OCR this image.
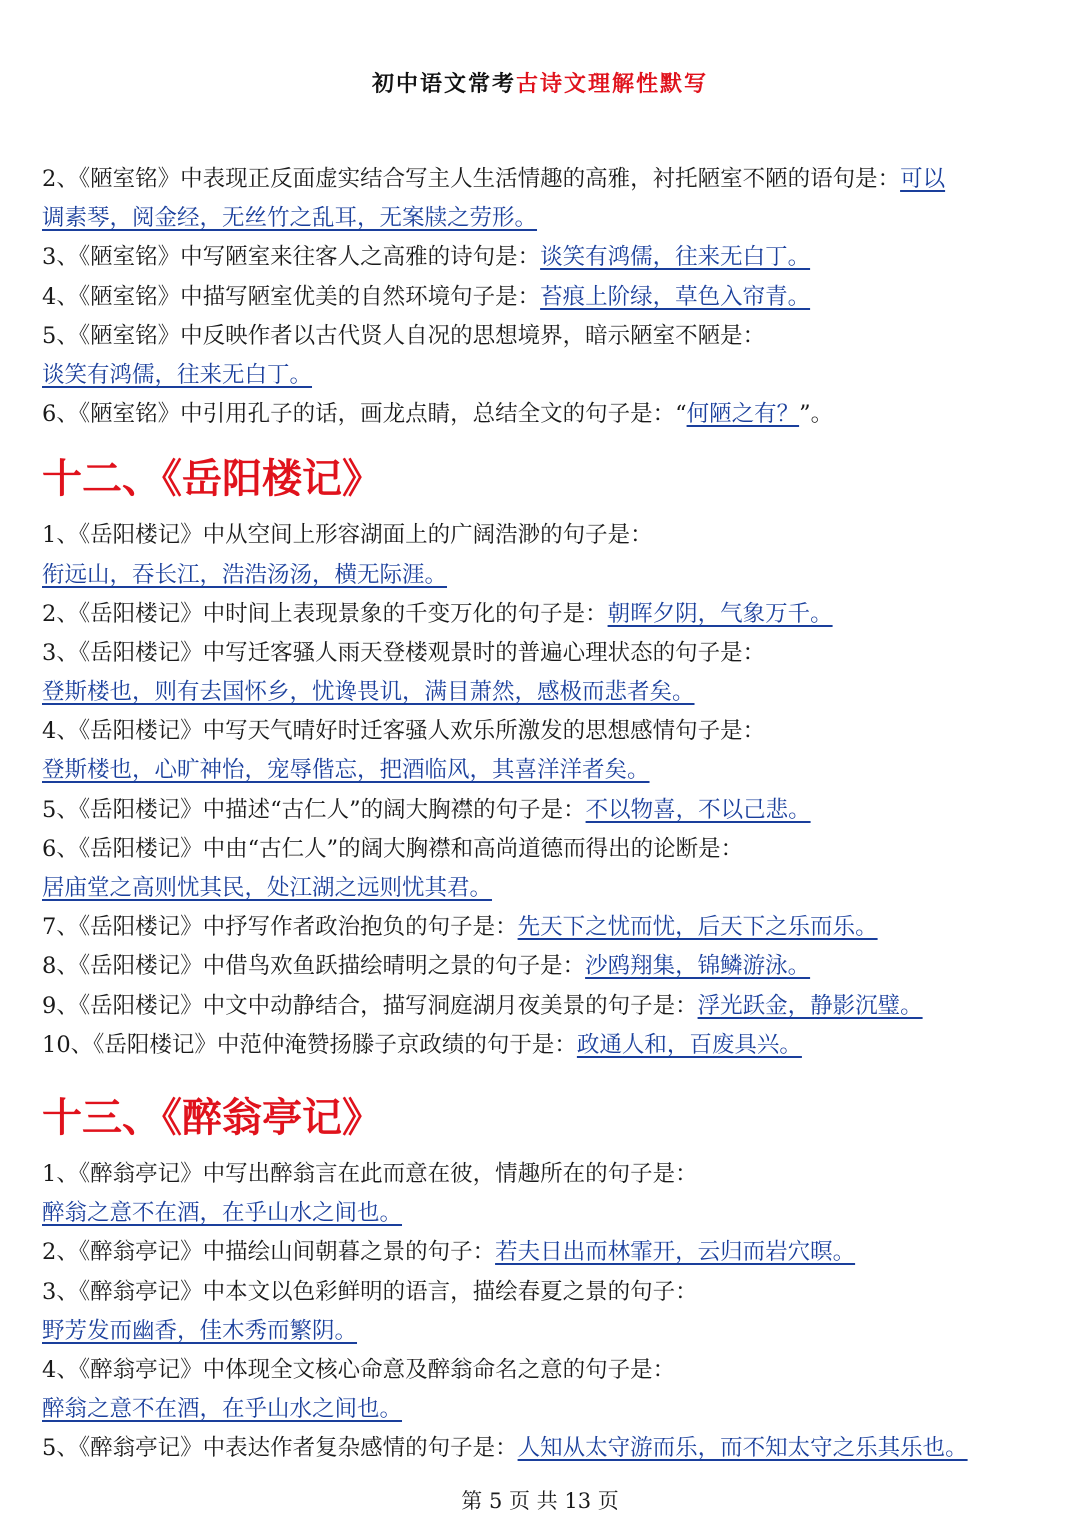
初中语文常考古诗文理解性默写
2、《陋室铭》中表现正反面虚实结合写主人生活情趣的高雅，衬托陋室不陋的语句是：可以
调素琴，阅金经，无丝竹之乱耳，无案牍之劳形。
3、《陋室铭》中写陋室来往客人之高雅的诗句是：谈笑有鸿儒，往来无白丁。
4、《陋室铭》中描写陋室优美的自然环境句子是：苔痕上阶绿，草色入帘青。
5、《陋室铭》中反映作者以古代贤人自况的思想境界，暗示陋室不陋是：
谈笑有鸿儒，往来无白丁。
6、《陋室铭》中引用孔子的话，画龙点睛，总结全文的句子是：“何陋之有？”。
十二、《岳阳楼记》
1、《岳阳楼记》中从空间上形容湖面上的广阔浩渺的句子是：
衔远山，吞长江，浩浩汤汤，横无际涯。
2、《岳阳楼记》中时间上表现景象的千变万化的句子是：朝晖夕阴，气象万千。
3、《岳阳楼记》中写迁客骚人雨天登楼观景时的普遍心理状态的句子是：
登斯楼也，则有去国怀乡，忧谗畏讥，满目萧然，感极而悲者矣。
4、《岳阳楼记》中写天气晴好时迁客骚人欢乐所激发的思想感情句子是：
登斯楼也，心旷神怡，宠辱偕忘，把酒临风，其喜洋洋者矣。
5、《岳阳楼记》中描述“古仁人”的阔大胸襟的句子是：不以物喜，不以己悲。
6、《岳阳楼记》中由“古仁人”的阔大胸襟和高尚道德而得出的论断是：
居庙堂之高则忧其民，处江湖之远则忧其君。
7、《岳阳楼记》中抒写作者政治抱负的句子是：先天下之忧而忧，后天下之乐而乐。
8、《岳阳楼记》中借鸟欢鱼跃描绘晴明之景的句子是：沙鸥翔集，锦鳞游泳。
9、《岳阳楼记》中文中动静结合，描写洞庭湖月夜美景的句子是：浮光跃金，静影沉璧。
10、《岳阳楼记》中范仲淹赞扬滕子京政绩的句于是：政通人和，百废具兴。
十三、《醉翁亭记》
1、《醉翁亭记》中写出醉翁言在此而意在彼，情趣所在的句子是：
醉翁之意不在酒，在乎山水之间也。
2、《醉翁亭记》中描绘山间朝暮之景的句子：若夫日出而林霏开，云归而岩穴暝。
3、《醉翁亭记》中本文以色彩鲜明的语言，描绘春夏之景的句子：
野芳发而幽香，佳木秀而繁阴。
4、《醉翁亭记》中体现全文核心命意及醉翁命名之意的句子是：
醉翁之意不在酒，在乎山水之间也。
5、《醉翁亭记》中表达作者复杂感情的句子是：人知从太守游而乐，而不知太守之乐其乐也。
第 5 页 共 13 页
